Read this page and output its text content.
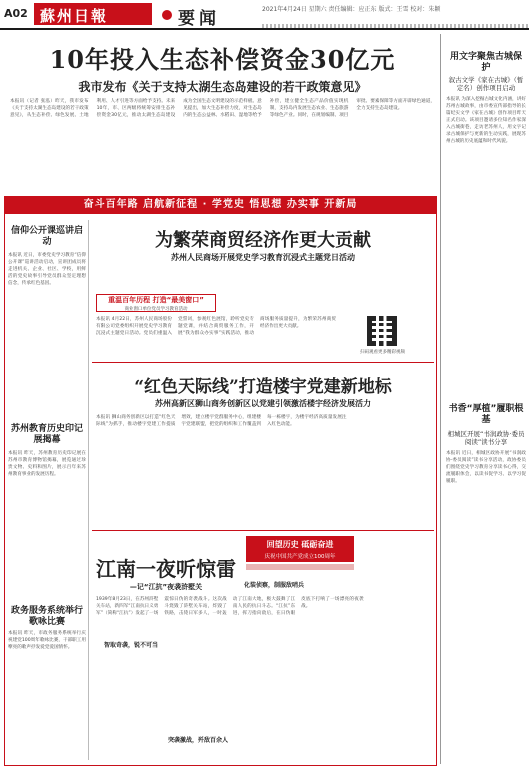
A02 蘇州日報	要闻	2021年4月24日 星期六 责任编辑：应正东 版式：王雪 校对：朱颖
10年投入生态补偿资金30亿元
我市发布《关于支持太湖生态岛建设的若干政策意见》

本报讯（记者 张泓）昨天，我市发布《关于支持太湖生态岛建设的若干政策意见》，从生态补偿、绿色发展、土地利用、人才引进等方面给予支持。未来10年，市、区两级将统筹安排生态补偿资金30亿元，推动太湖生态岛建设成为全国生态文明建设的示范样板。意见提出，加大生态补偿力度，对生态岛内的生态公益林、水稻田、湿地等给予补偿，建立健全生态产品价值实现机制，支持岛内发展生态农业、生态旅游等绿色产业。同时，在规划编制、项目审批、要素保障等方面开辟绿色通道，全力支持生态岛建设。

用文字聚焦古城保护
叙古文学《家在古城》（暂定名）创作项目启动

本报讯 为深入挖掘古城文化内涵，讲好苏州古城故事，由市委宣传部指导的长篇纪实文学《家在古城》创作项目昨天正式启动。该项目邀请多位知名作家深入古城街巷，走访老苏州人，用文字记录古城保护与更新的生动实践，展现苏州古城的历史底蕴和时代风貌。

书香“厚植”履职根基
相城区开展“书润政协·委员阅读”读书分享

本报讯 近日，相城区政协开展“书润政协·委员阅读”读书分享活动，政协委员们围绕党史学习教育分享读书心得，交流履职体会，以读书促学习、以学习促履职。

奋斗百年路 启航新征程 · 学党史 悟思想 办实事 开新局
信仰公开课巡讲启动

本报讯 近日，市委党史学习教育“信仰公开课”巡讲活动启动，宣讲团成员将走进机关、企业、社区、学校，用鲜活的党史故事引导党员群众坚定理想信念，传承红色基因。

苏州教育历史印记展揭幕

本报讯 昨天，苏州教育历史印记展在苏州市教育博物馆揭幕，展览通过珍贵文物、史料和图片，展示百年来苏州教育事业的发展历程。

政务服务系统举行歌咏比赛

本报讯 昨天，市政务服务系统举行庆祝建党100周年歌咏比赛，干部职工用嘹亮的歌声抒发爱党爱国情怀。

为繁荣商贸经济作更大贡献
苏州人民商场开展党史学习教育沉浸式主题党日活动
重温百年历程 打造“最美窗口”
商业窗口单位党员学习教育活动

本报讯 4月22日，苏州人民商场股份有限公司党委组织开展党史学习教育沉浸式主题党日活动。党员们重温入党誓词，参观红色展馆，聆听党史专题党课，并结合商贸服务工作，开展“我为群众办实事”实践活动，推动商场服务质量提升，为繁荣苏州商贸经济作出更大贡献。

扫码观看更多精彩视频
“红色天际线”打造楼宇党建新地标
苏州高新区狮山商务创新区以党建引领激活楼宇经济发展活力

本报讯 狮山商务创新区以打造“红色天际线”为抓手，推动楼宇党建工作提质增效，建立楼宇党群服务中心，组建楼宇党建联盟，把党的组织和工作覆盖到每一栋楼宇，为楼宇经济高质量发展注入红色动能。

江南一夜听惊雷
—记“江抗”夜袭浒墅关
回望历史 砥砺奋进
庆祝中国共产党成立100周年
化装侦察，制服敌哨兵
智取奇袭，锐不可当
突袭激战，歼敌百余人

1939年8月23日，在苏州浒墅关车站，新四军“江南抗日义勇军”（简称“江抗”）发起了一场震惊日伪的奇袭战斗。这次战斗烧毁了浒墅关车站，炸毁了铁路，击毙日军多人，一时轰动了江南大地，极大鼓舞了江南人民的抗日斗志。“江抗”东进，挥刀指向敌后，在日伪眼皮底下打响了一场漂亮的夜袭战。
